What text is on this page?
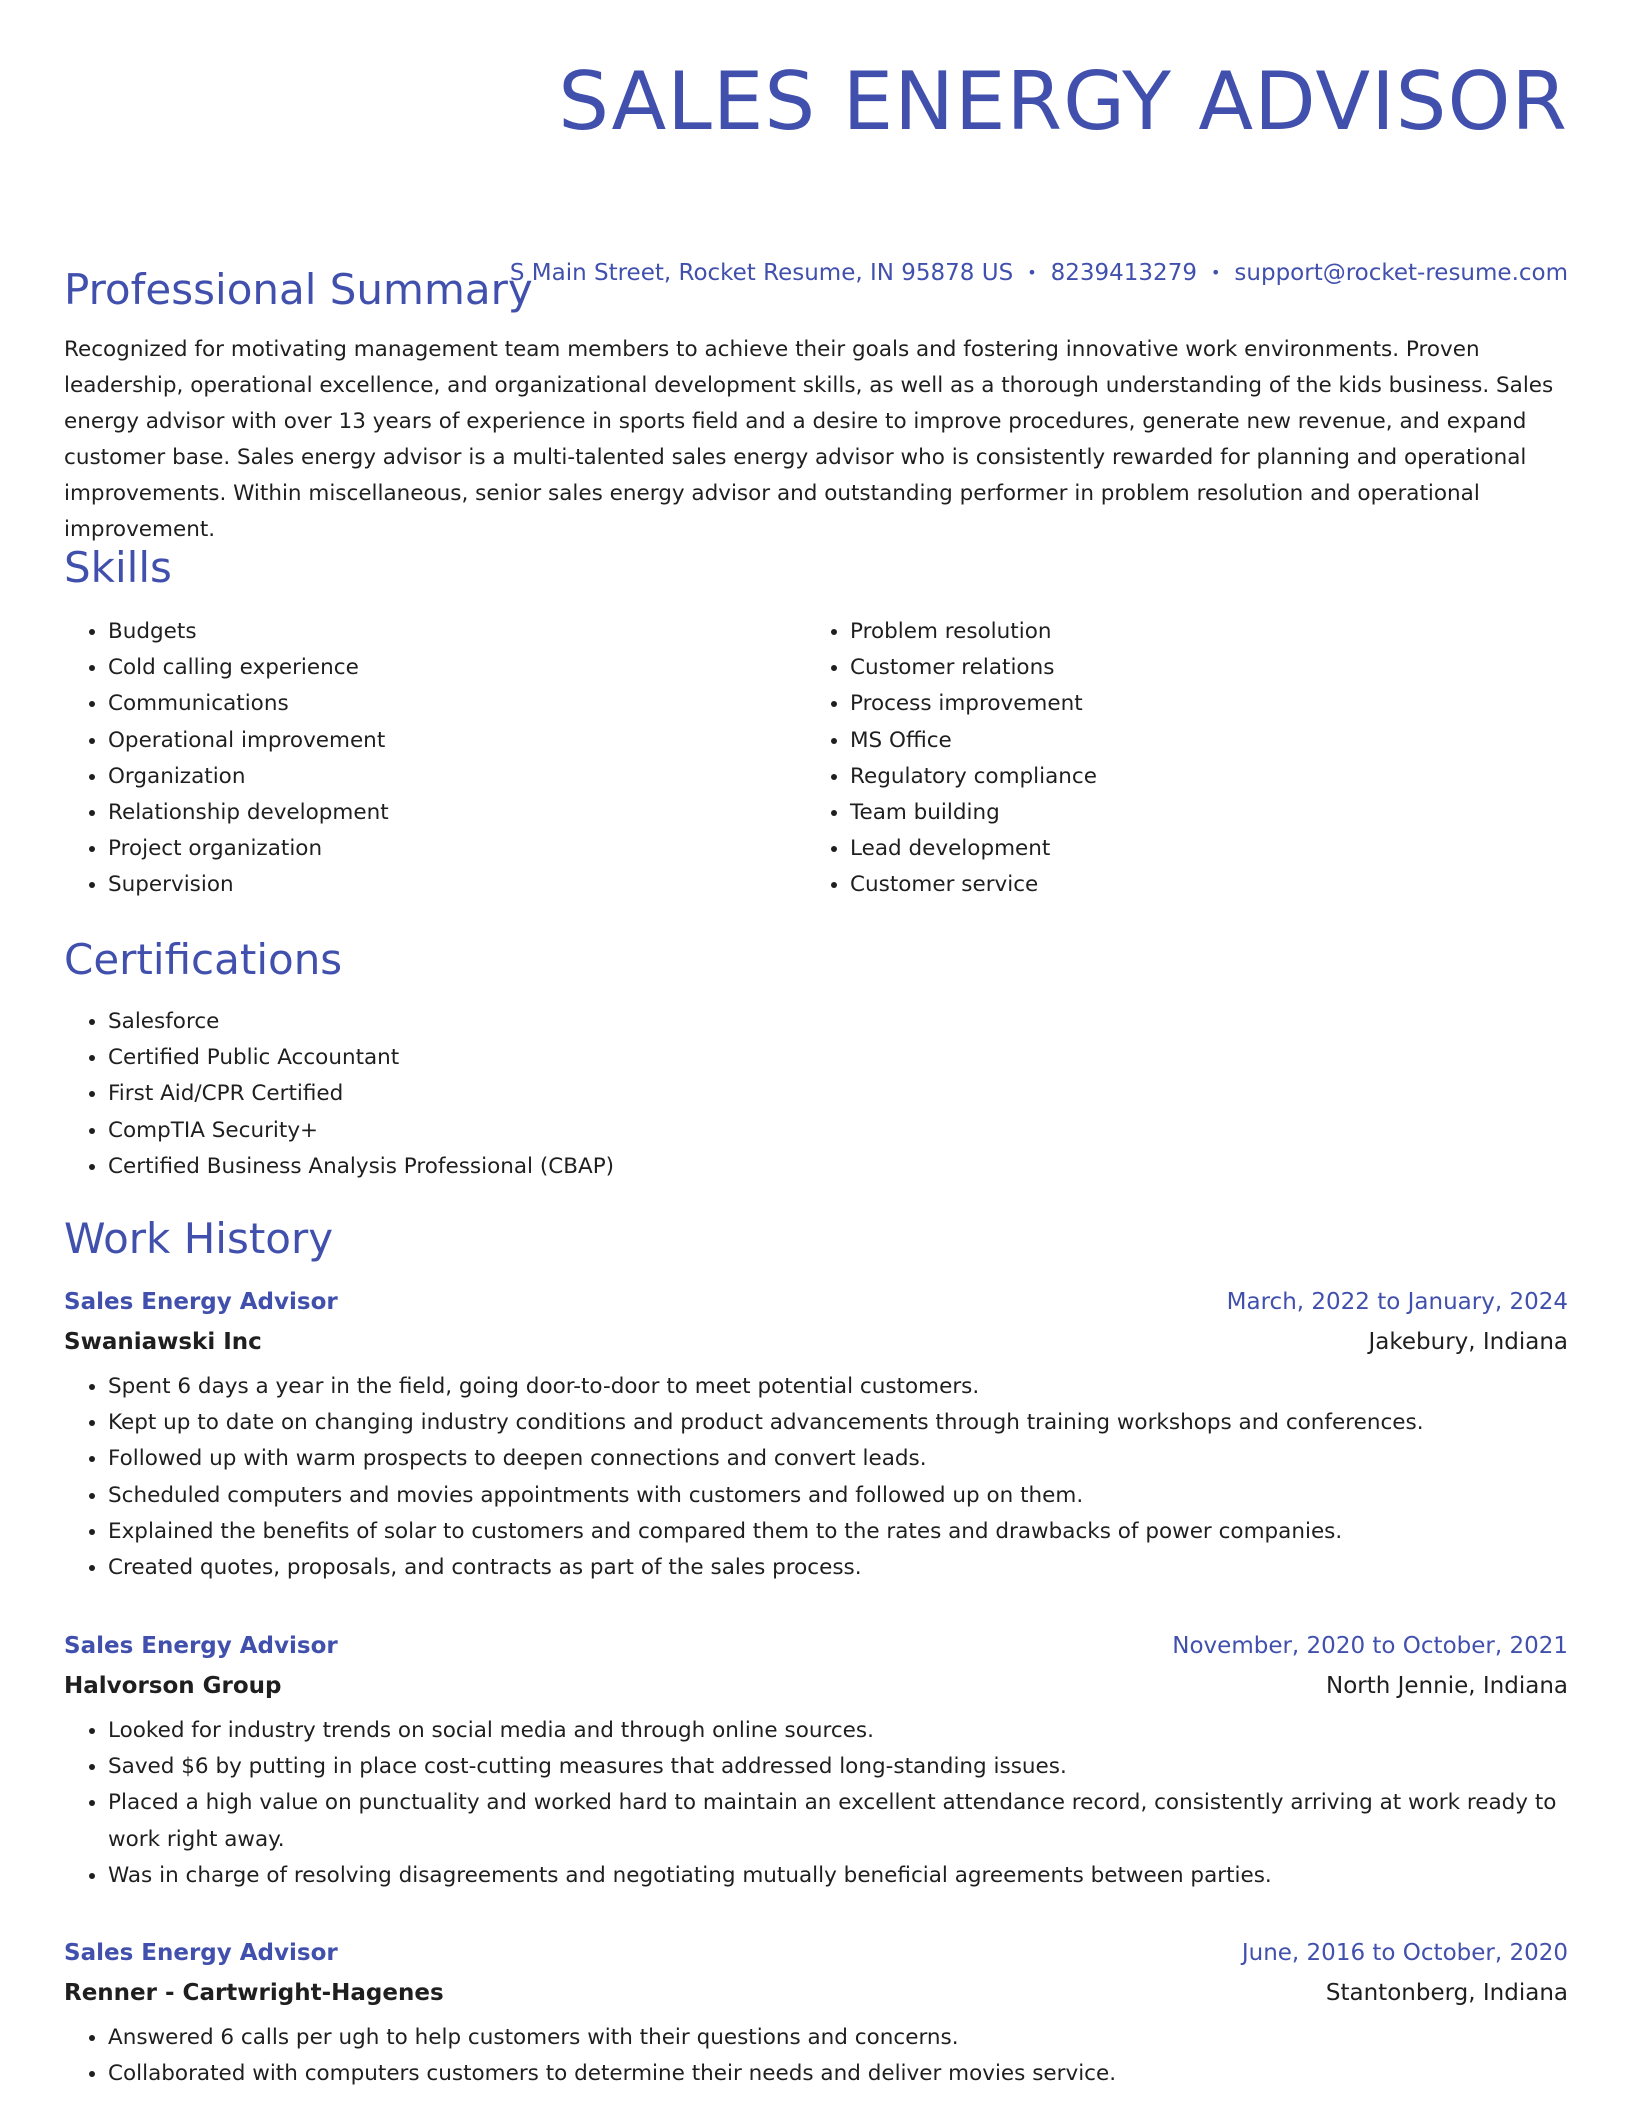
SALES ENERGY ADVISOR
S Main Street, Rocket Resume, IN 95878 US • 8239413279 • support@rocket-resume.com
Professional Summary

Recognized for motivating management team members to achieve their goals and fostering innovative work environments. Proven leadership, operational excellence, and organizational development skills, as well as a thorough understanding of the kids business. Sales energy advisor with over 13 years of experience in sports field and a desire to improve procedures, generate new revenue, and expand customer base. Sales energy advisor is a multi-talented sales energy advisor who is consistently rewarded for planning and operational improvements. Within miscellaneous, senior sales energy advisor and outstanding performer in problem resolution and operational improvement.

Skills
• Budgets
• Cold calling experience
• Communications
• Operational improvement
• Organization
• Relationship development
• Project organization
• Supervision
• Problem resolution
• Customer relations
• Process improvement
• MS Office
• Regulatory compliance
• Team building
• Lead development
• Customer service
Certifications
• Salesforce
• Certified Public Accountant
• First Aid/CPR Certified
• CompTIA Security+
• Certified Business Analysis Professional (CBAP)
Work History
Sales Energy Advisor	March, 2022 to January, 2024
Swaniawski Inc	Jakebury, Indiana
• Spent 6 days a year in the field, going door-to-door to meet potential customers.
• Kept up to date on changing industry conditions and product advancements through training workshops and conferences.
• Followed up with warm prospects to deepen connections and convert leads.
• Scheduled computers and movies appointments with customers and followed up on them.
• Explained the benefits of solar to customers and compared them to the rates and drawbacks of power companies.
• Created quotes, proposals, and contracts as part of the sales process.
Sales Energy Advisor	November, 2020 to October, 2021
Halvorson Group	North Jennie, Indiana
• Looked for industry trends on social media and through online sources.
• Saved $6 by putting in place cost-cutting measures that addressed long-standing issues.
• Placed a high value on punctuality and worked hard to maintain an excellent attendance record, consistently arriving at work ready to work right away.
• Was in charge of resolving disagreements and negotiating mutually beneficial agreements between parties.
Sales Energy Advisor	June, 2016 to October, 2020
Renner - Cartwright-Hagenes	Stantonberg, Indiana
• Answered 6 calls per ugh to help customers with their questions and concerns.
• Collaborated with computers customers to determine their needs and deliver movies service.
